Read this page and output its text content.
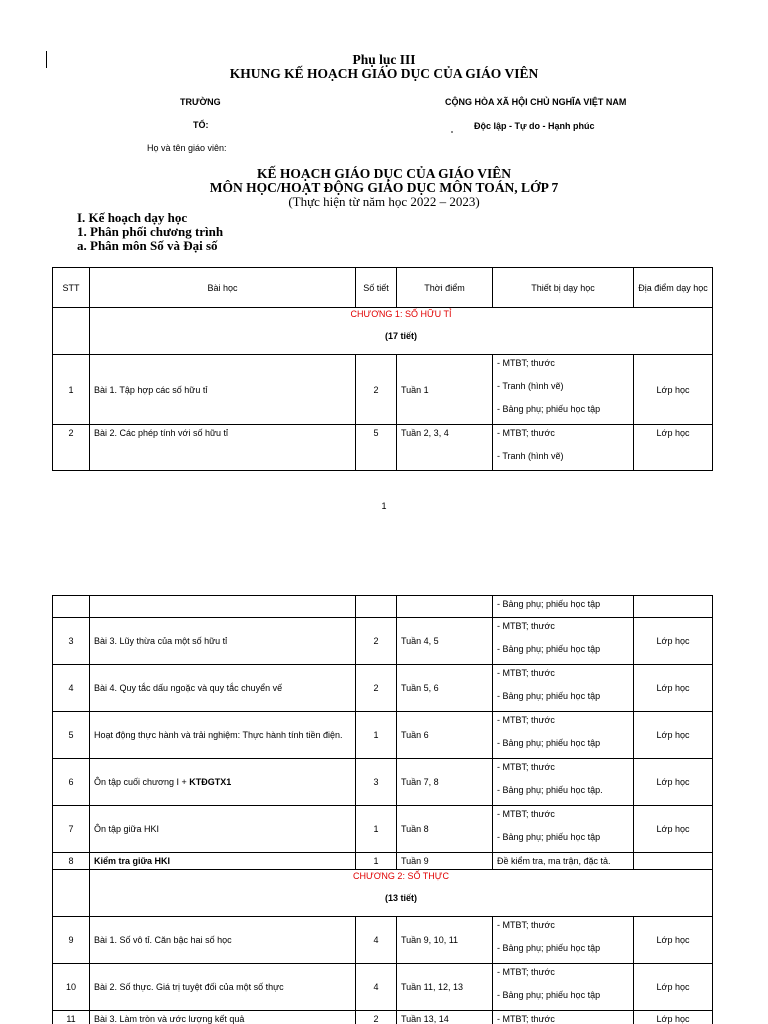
Phụ lục III
KHUNG KẾ HOẠCH GIÁO DỤC CỦA GIÁO VIÊN
TRƯỜNG
TỔ:
CỘNG HÒA XÃ HỘI CHỦ NGHĨA VIỆT NAM
Độc lập - Tự do - Hạnh phúc
Họ và tên giáo viên:
KẾ HOẠCH GIÁO DỤC CỦA GIÁO VIÊN
MÔN HỌC/HOẠT ĐỘNG GIÁO DỤC MÔN TOÁN, LỚP 7
(Thực hiện từ năm học 2022 – 2023)
I. Kế hoạch dạy học
1. Phân phối chương trình
a. Phân môn Số và Đại số
STT	Bài học	Số tiết	Thời điểm	Thiết bị dạy học	Địa điểm dạy học

	CHƯƠNG 1: SỐ HỮU TỈ
(17 tiết)				

1	Bài 1. Tập hợp các số hữu tỉ	2	Tuần 1	- MTBT; thước
- Tranh (hình vẽ)
- Bảng phụ; phiếu học tập	Lớp học
2	Bài 2. Các phép tính với số hữu tỉ	5	Tuần 2, 3, 4	- MTBT; thước
- Tranh (hình vẽ)	Lớp học
1

				- Bảng phụ; phiếu học tập	

3	Bài 3. Lũy thừa của một số hữu tỉ	2	Tuần 4, 5	- MTBT; thước
- Bảng phụ; phiếu học tập	Lớp học
4	Bài 4. Quy tắc dấu ngoặc và quy tắc chuyển vế	2	Tuần 5, 6	- MTBT; thước
- Bảng phụ; phiếu học tập	Lớp học
5	Hoạt động thực hành và trải nghiệm: Thực hành tính tiền điện.	1	Tuần 6	- MTBT; thước
- Bảng phụ; phiếu học tập	Lớp học
6	Ôn tập cuối chương I + KTĐGTX1	3	Tuần 7, 8	- MTBT; thước
- Bảng phụ; phiếu học tập.	Lớp học
7	Ôn tập giữa HKI	1	Tuần 8	- MTBT; thước
- Bảng phụ; phiếu học tập	Lớp học
8	Kiểm tra giữa HKI	1	Tuần 9	Đề kiểm tra, ma trận, đặc tả.	

	CHƯƠNG 2: SỐ THỰC
(13 tiết)				

9	Bài 1. Số vô tỉ. Căn bậc hai số học	4	Tuần 9, 10, 11	- MTBT; thước
- Bảng phụ; phiếu học tập	Lớp học
10	Bài 2. Số thực. Giá trị tuyệt đối của một số thực	4	Tuần 11, 12, 13	- MTBT; thước
- Bảng phụ; phiếu học tập	Lớp học
11	Bài 3. Làm tròn và ước lượng kết quả	2	Tuần 13, 14	- MTBT; thước	Lớp học
